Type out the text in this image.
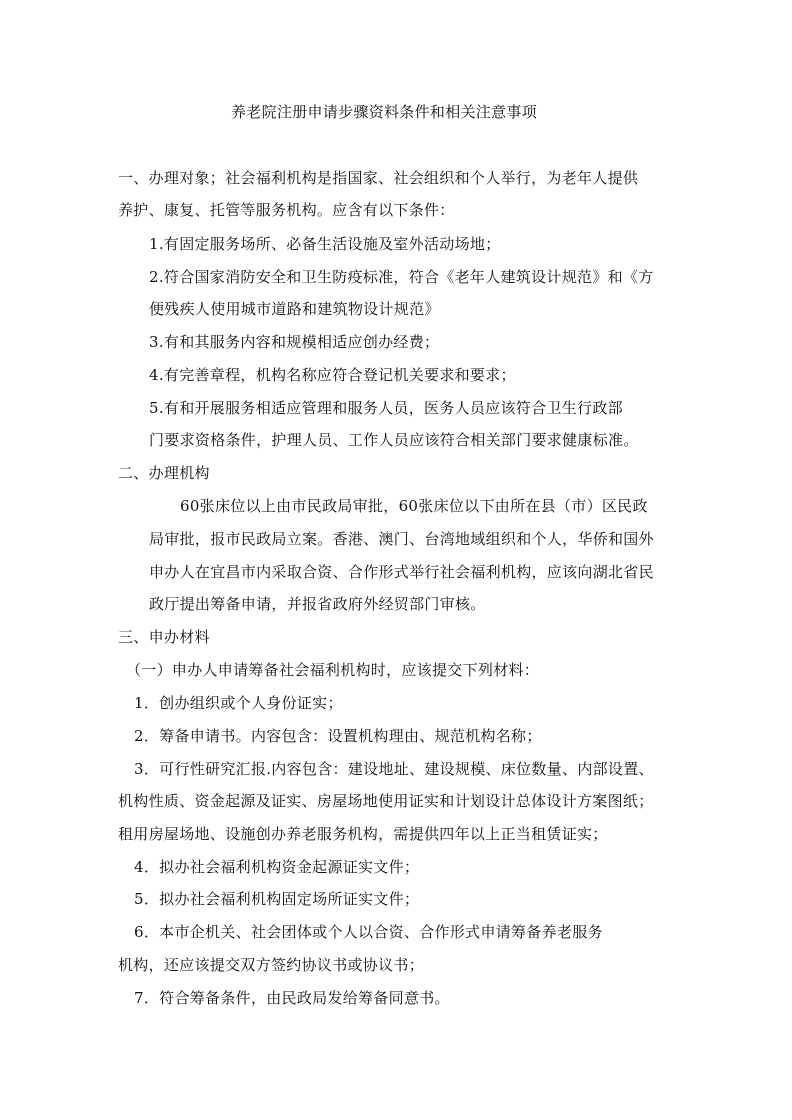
养老院注册申请步骤资料条件和相关注意事项
一、办理对象；社会福利机构是指国家、社会组织和个人举行，为老年人提供
养护、康复、托管等服务机构。应含有以下条件：
1.有固定服务场所、必备生活设施及室外活动场地；
2.符合国家消防安全和卫生防疫标准，符合《老年人建筑设计规范》和《方
便残疾人使用城市道路和建筑物设计规范》
3.有和其服务内容和规模相适应创办经费；
4.有完善章程，机构名称应符合登记机关要求和要求；
5.有和开展服务相适应管理和服务人员，医务人员应该符合卫生行政部
门要求资格条件，护理人员、工作人员应该符合相关部门要求健康标准。
二、办理机构
60张床位以上由市民政局审批，60张床位以下由所在县（市）区民政
局审批，报市民政局立案。香港、澳门、台湾地域组织和个人，华侨和国外
申办人在宜昌市内采取合资、合作形式举行社会福利机构，应该向湖北省民
政厅提出筹备申请，并报省政府外经贸部门审核。
三、申办材料
（一）申办人申请筹备社会福利机构时，应该提交下列材料：
1．创办组织或个人身份证实；
2．筹备申请书。内容包含：设置机构理由、规范机构名称；
3．可行性研究汇报.内容包含：建设地址、建设规模、床位数量、内部设置、
机构性质、资金起源及证实、房屋场地使用证实和计划设计总体设计方案图纸；
租用房屋场地、设施创办养老服务机构，需提供四年以上正当租赁证实；
4．拟办社会福利机构资金起源证实文件；
5．拟办社会福利机构固定场所证实文件；
6．本市企机关、社会团体或个人以合资、合作形式申请筹备养老服务
机构，还应该提交双方签约协议书或协议书；
7．符合筹备条件，由民政局发给筹备同意书。
